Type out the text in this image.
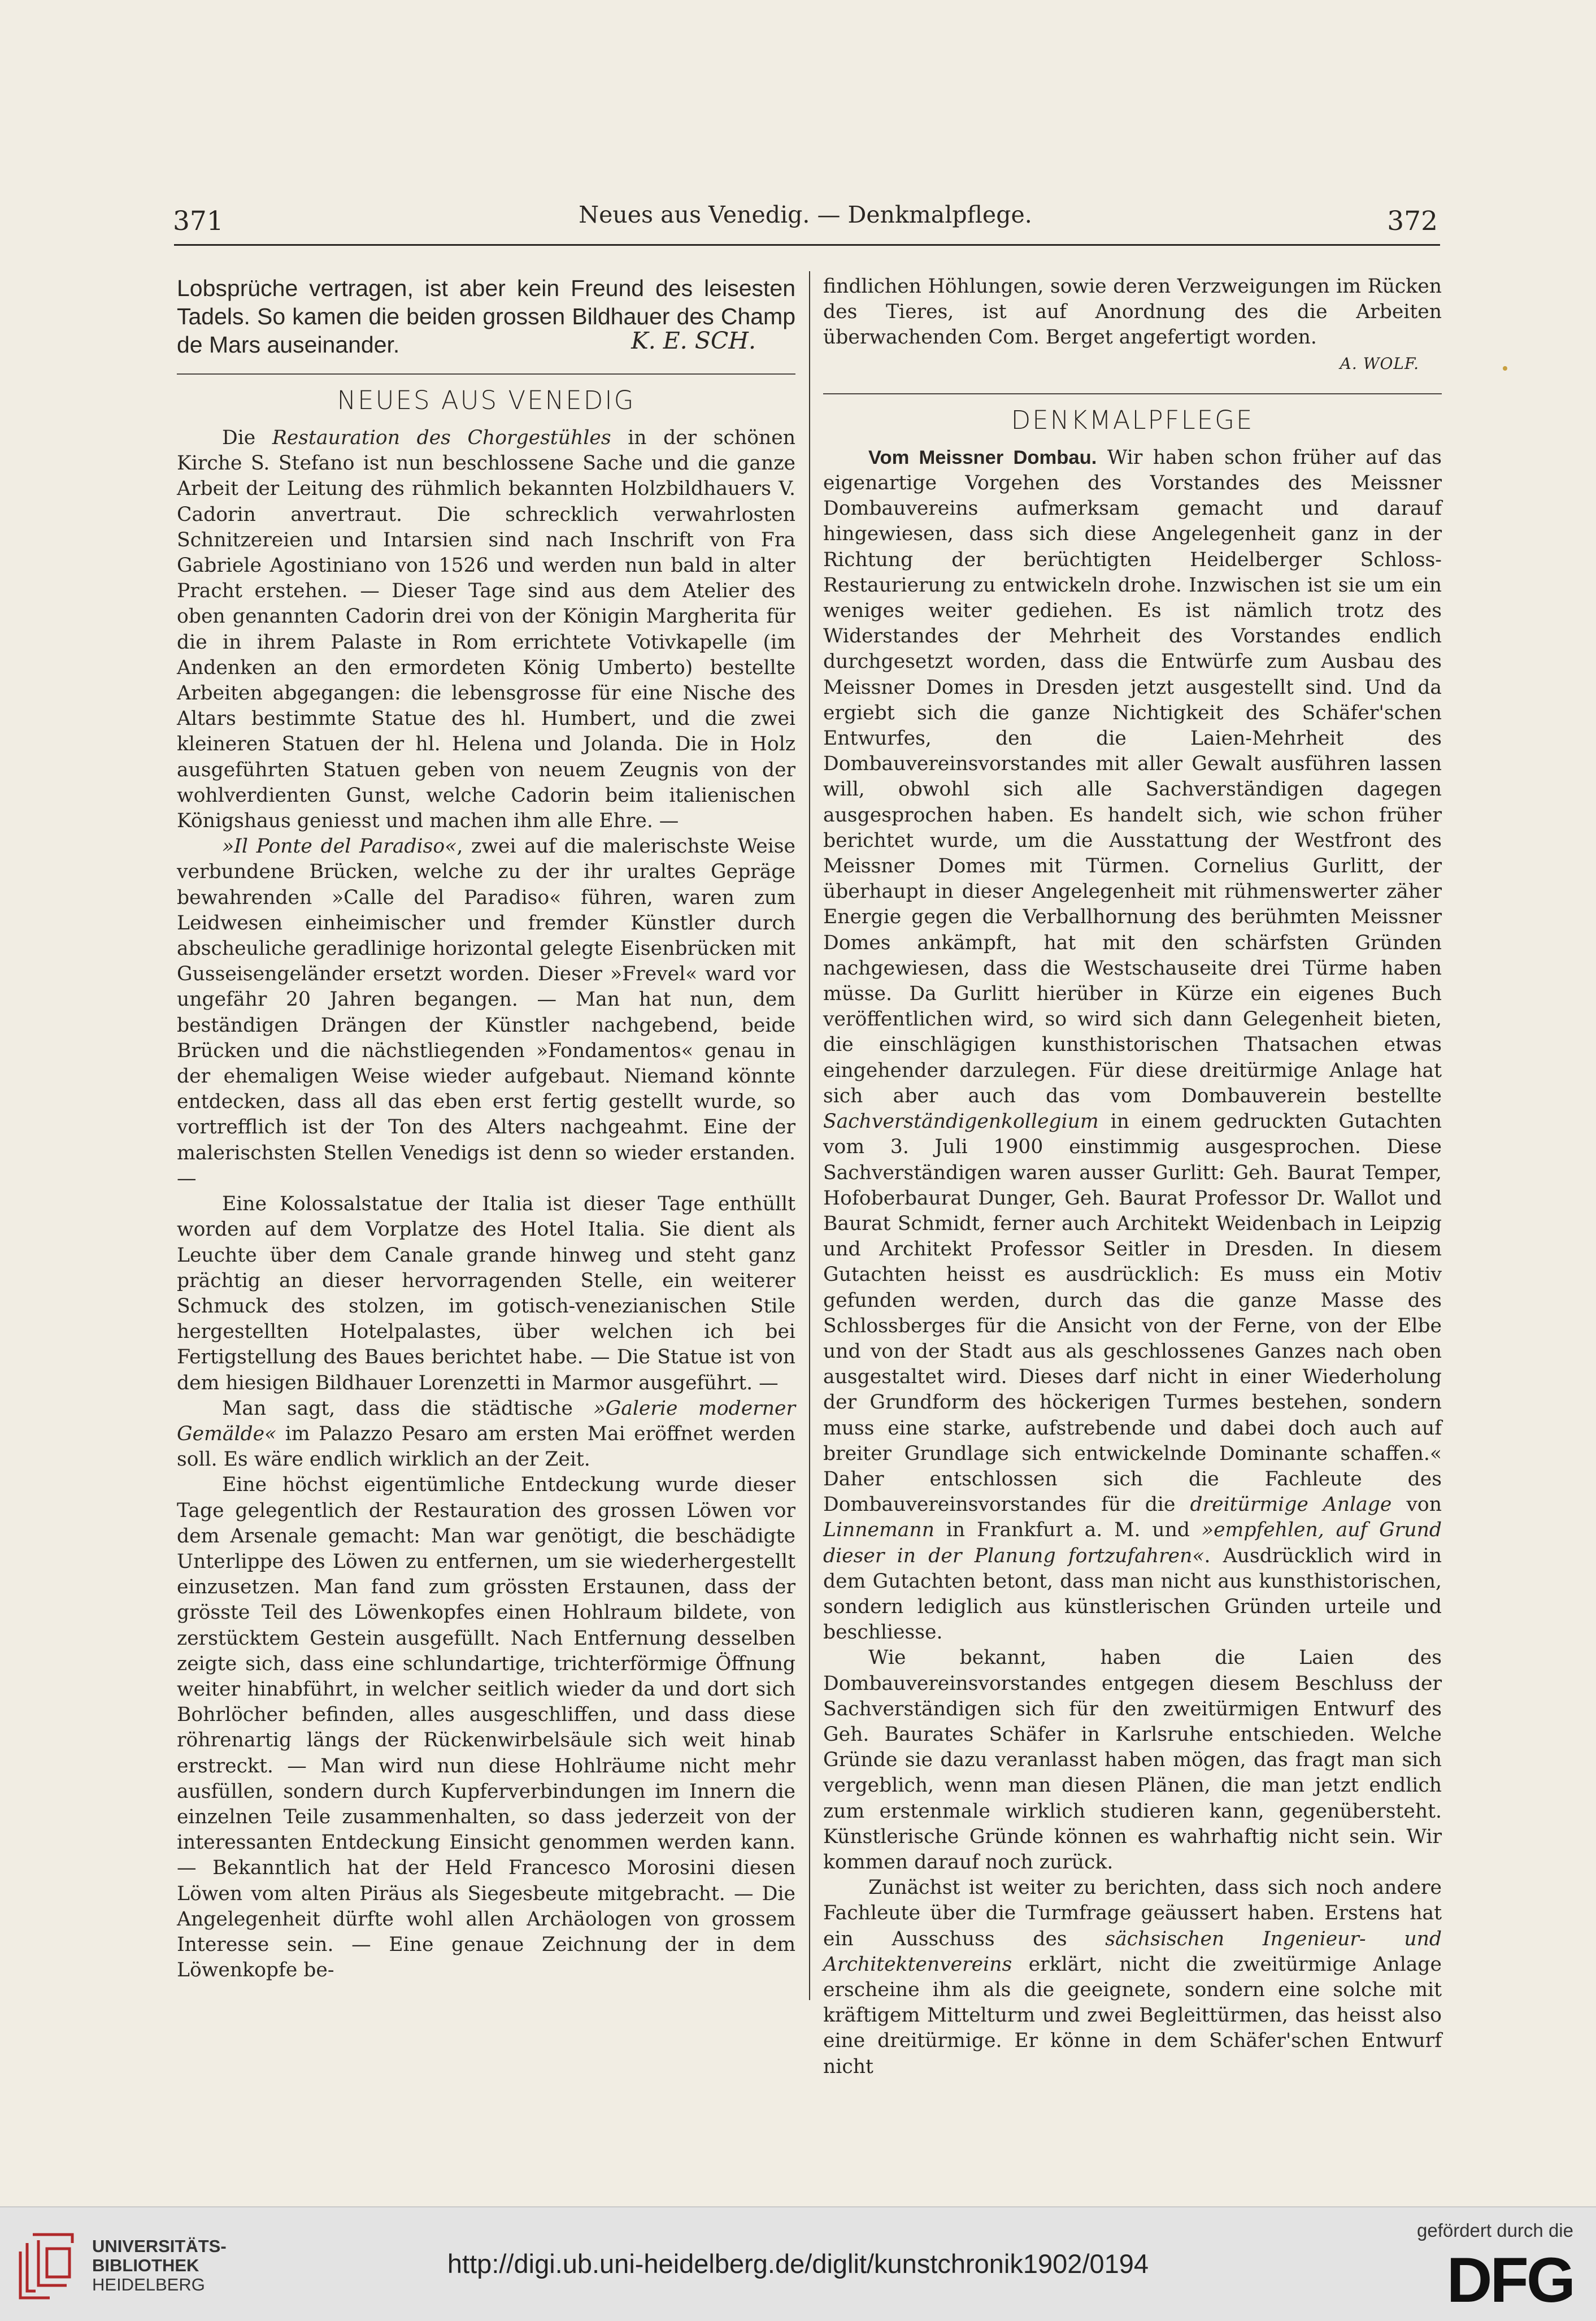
371	Neues aus Venedig. — Denkmalpflege.	372

Lobsprüche vertragen, ist aber kein Freund des leisesten Tadels. So kamen die beiden grossen Bildhauer des Champ de Mars auseinander.	K. E. SCH.
NEUES AUS VENEDIG

Die Restauration des Chorgestühles in der schönen Kirche S. Stefano ist nun beschlossene Sache und die ganze Arbeit der Leitung des rühmlich bekannten Holzbildhauers V. Cadorin anvertraut. Die schrecklich verwahrlosten Schnitzereien und Intarsien sind nach Inschrift von Fra Gabriele Agostiniano von 1526 und werden nun bald in alter Pracht erstehen. — Dieser Tage sind aus dem Atelier des oben genannten Cadorin drei von der Königin Margherita für die in ihrem Palaste in Rom errichtete Votivkapelle (im Andenken an den ermordeten König Umberto) bestellte Arbeiten abgegangen: die lebensgrosse für eine Nische des Altars bestimmte Statue des hl. Humbert, und die zwei kleineren Statuen der hl. Helena und Jolanda. Die in Holz ausgeführten Statuen geben von neuem Zeugnis von der wohlverdienten Gunst, welche Cadorin beim italienischen Königshaus geniesst und machen ihm alle Ehre. —

»Il Ponte del Paradiso«, zwei auf die malerischste Weise verbundene Brücken, welche zu der ihr uraltes Gepräge bewahrenden »Calle del Paradiso« führen, waren zum Leidwesen einheimischer und fremder Künstler durch abscheuliche geradlinige horizontal gelegte Eisenbrücken mit Gusseisengeländer ersetzt worden. Dieser »Frevel« ward vor ungefähr 20 Jahren begangen. — Man hat nun, dem beständigen Drängen der Künstler nachgebend, beide Brücken und die nächstliegenden »Fondamentos« genau in der ehemaligen Weise wieder aufgebaut. Niemand könnte entdecken, dass all das eben erst fertig gestellt wurde, so vortrefflich ist der Ton des Alters nachgeahmt. Eine der malerischsten Stellen Venedigs ist denn so wieder erstanden. —

Eine Kolossalstatue der Italia ist dieser Tage enthüllt worden auf dem Vorplatze des Hotel Italia. Sie dient als Leuchte über dem Canale grande hinweg und steht ganz prächtig an dieser hervorragenden Stelle, ein weiterer Schmuck des stolzen, im gotisch-venezianischen Stile hergestellten Hotelpalastes, über welchen ich bei Fertigstellung des Baues berichtet habe. — Die Statue ist von dem hiesigen Bildhauer Lorenzetti in Marmor ausgeführt. —

Man sagt, dass die städtische »Galerie moderner Gemälde« im Palazzo Pesaro am ersten Mai eröffnet werden soll. Es wäre endlich wirklich an der Zeit.

Eine höchst eigentümliche Entdeckung wurde dieser Tage gelegentlich der Restauration des grossen Löwen vor dem Arsenale gemacht: Man war genötigt, die beschädigte Unterlippe des Löwen zu entfernen, um sie wiederhergestellt einzusetzen. Man fand zum grössten Erstaunen, dass der grösste Teil des Löwenkopfes einen Hohlraum bildete, von zerstücktem Gestein ausgefüllt. Nach Entfernung desselben zeigte sich, dass eine schlundartige, trichterförmige Öffnung weiter hinabführt, in welcher seitlich wieder da und dort sich Bohrlöcher befinden, alles ausgeschliffen, und dass diese röhrenartig längs der Rückenwirbelsäule sich weit hinab erstreckt. — Man wird nun diese Hohlräume nicht mehr ausfüllen, sondern durch Kupferverbindungen im Innern die einzelnen Teile zusammenhalten, so dass jederzeit von der interessanten Entdeckung Einsicht genommen werden kann. — Bekanntlich hat der Held Francesco Morosini diesen Löwen vom alten Piräus als Siegesbeute mitgebracht. — Die Angelegenheit dürfte wohl allen Archäologen von grossem Interesse sein. — Eine genaue Zeichnung der in dem Löwenkopfe be-

findlichen Höhlungen, sowie deren Verzweigungen im Rücken des Tieres, ist auf Anordnung des die Arbeiten überwachenden Com. Berget angefertigt worden.

A. WOLF.
DENKMALPFLEGE

Vom Meissner Dombau. Wir haben schon früher auf das eigenartige Vorgehen des Vorstandes des Meissner Dombauvereins aufmerksam gemacht und darauf hingewiesen, dass sich diese Angelegenheit ganz in der Richtung der berüchtigten Heidelberger Schloss-Restaurierung zu entwickeln drohe. Inzwischen ist sie um ein weniges weiter gediehen. Es ist nämlich trotz des Widerstandes der Mehrheit des Vorstandes endlich durchgesetzt worden, dass die Entwürfe zum Ausbau des Meissner Domes in Dresden jetzt ausgestellt sind. Und da ergiebt sich die ganze Nichtigkeit des Schäfer'schen Entwurfes, den die Laien-Mehrheit des Dombauvereinsvorstandes mit aller Gewalt ausführen lassen will, obwohl sich alle Sachverständigen dagegen ausgesprochen haben. Es handelt sich, wie schon früher berichtet wurde, um die Ausstattung der Westfront des Meissner Domes mit Türmen. Cornelius Gurlitt, der überhaupt in dieser Angelegenheit mit rühmenswerter zäher Energie gegen die Verballhornung des berühmten Meissner Domes ankämpft, hat mit den schärfsten Gründen nachgewiesen, dass die Westschauseite drei Türme haben müsse. Da Gurlitt hierüber in Kürze ein eigenes Buch veröffentlichen wird, so wird sich dann Gelegenheit bieten, die einschlägigen kunsthistorischen Thatsachen etwas eingehender darzulegen. Für diese dreitürmige Anlage hat sich aber auch das vom Dombauverein bestellte Sachverständigenkollegium in einem gedruckten Gutachten vom 3. Juli 1900 einstimmig ausgesprochen. Diese Sachverständigen waren ausser Gurlitt: Geh. Baurat Temper, Hofoberbaurat Dunger, Geh. Baurat Professor Dr. Wallot und Baurat Schmidt, ferner auch Architekt Weidenbach in Leipzig und Architekt Professor Seitler in Dresden. In diesem Gutachten heisst es ausdrücklich: Es muss ein Motiv gefunden werden, durch das die ganze Masse des Schlossberges für die Ansicht von der Ferne, von der Elbe und von der Stadt aus als geschlossenes Ganzes nach oben ausgestaltet wird. Dieses darf nicht in einer Wiederholung der Grundform des höckerigen Turmes bestehen, sondern muss eine starke, aufstrebende und dabei doch auch auf breiter Grundlage sich entwickelnde Dominante schaffen.« Daher entschlossen sich die Fachleute des Dombauvereinsvorstandes für die dreitürmige Anlage von Linnemann in Frankfurt a. M. und »empfehlen, auf Grund dieser in der Planung fortzufahren«. Ausdrücklich wird in dem Gutachten betont, dass man nicht aus kunsthistorischen, sondern lediglich aus künstlerischen Gründen urteile und beschliesse.

Wie bekannt, haben die Laien des Dombauvereinsvorstandes entgegen diesem Beschluss der Sachverständigen sich für den zweitürmigen Entwurf des Geh. Baurates Schäfer in Karlsruhe entschieden. Welche Gründe sie dazu veranlasst haben mögen, das fragt man sich vergeblich, wenn man diesen Plänen, die man jetzt endlich zum erstenmale wirklich studieren kann, gegenübersteht. Künstlerische Gründe können es wahrhaftig nicht sein. Wir kommen darauf noch zurück.

Zunächst ist weiter zu berichten, dass sich noch andere Fachleute über die Turmfrage geäussert haben. Erstens hat ein Ausschuss des sächsischen Ingenieur- und Architektenvereins erklärt, nicht die zweitürmige Anlage erscheine ihm als die geeignete, sondern eine solche mit kräftigem Mittelturm und zwei Begleittürmen, das heisst also eine dreitürmige. Er könne in dem Schäfer'schen Entwurf nicht

UNIVERSITÄTS-
BIBLIOTHEK
HEIDELBERG
http://digi.ub.uni-heidelberg.de/diglit/kunstchronik1902/0194
gefördert durch die
DFG
